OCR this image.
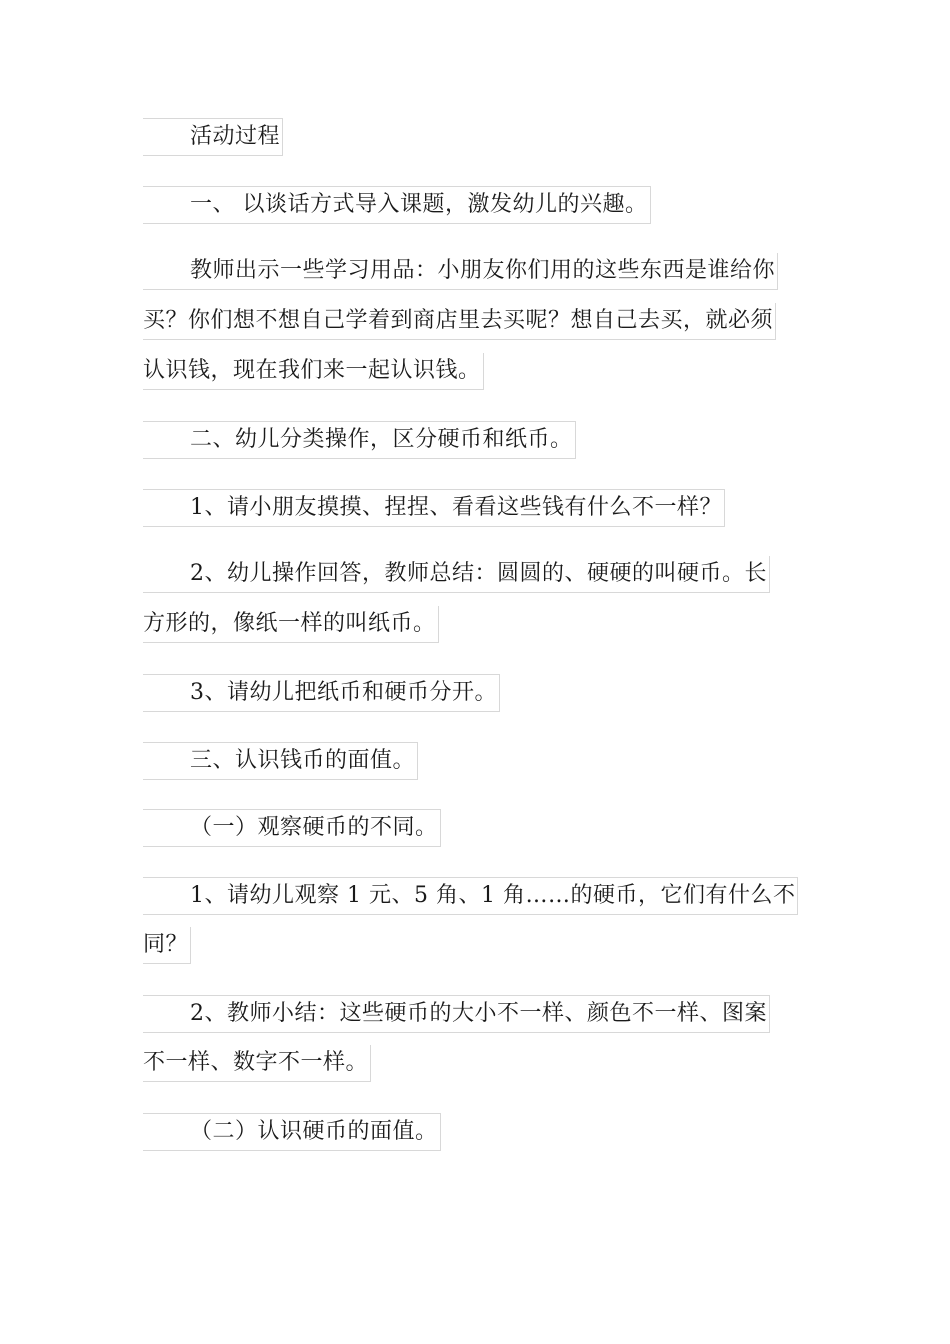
活动过程
一、 以谈话方式导入课题，激发幼儿的兴趣。
教师出示一些学习用品：小朋友你们用的这些东西是谁给你
买？你们想不想自己学着到商店里去买呢？想自己去买，就必须
认识钱，现在我们来一起认识钱。
二、幼儿分类操作，区分硬币和纸币。
1、请小朋友摸摸、捏捏、看看这些钱有什么不一样？
2、幼儿操作回答，教师总结：圆圆的、硬硬的叫硬币。长
方形的，像纸一样的叫纸币。
3、请幼儿把纸币和硬币分开。
三、认识钱币的面值。
（一）观察硬币的不同。
1、请幼儿观察 1 元、5 角、1 角……的硬币，它们有什么不
同？
2、教师小结：这些硬币的大小不一样、颜色不一样、图案
不一样、数字不一样。
（二）认识硬币的面值。
